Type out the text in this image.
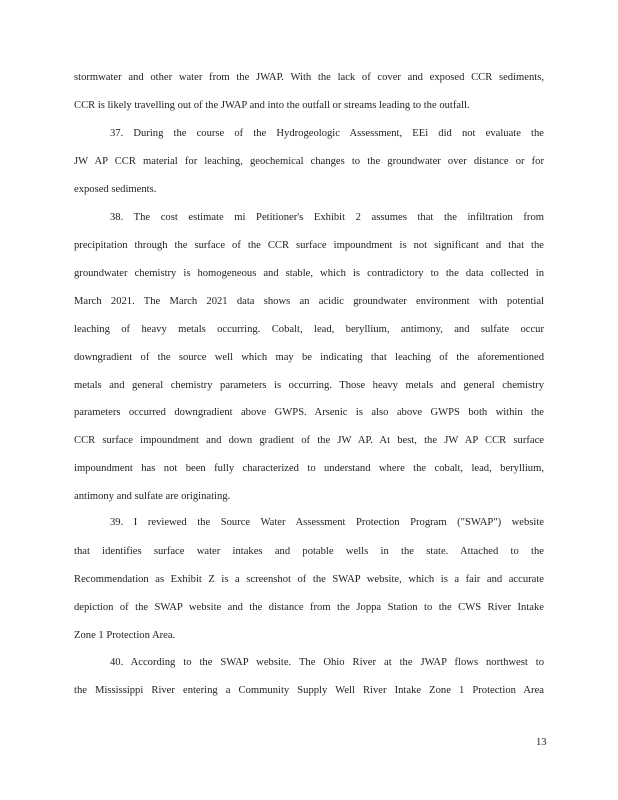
stormwater and other water from the JWAP. With the lack of cover and exposed CCR sediments,
CCR is likely travelling out of the JWAP and into the outfall or streams leading to the outfall.
37. During the course of the Hydrogeologic Assessment, EEi did not evaluate the
JW AP CCR material for leaching, geochemical changes to the groundwater over distance or for
exposed sediments.
38. The cost estimate mi Petitioner's Exhibit 2 assumes that the infiltration from
precipitation through the surface of the CCR surface impoundment is not significant and that the
groundwater chemistry is homogeneous and stable, which is contradictory to the data collected in
March 2021. The March 2021 data shows an acidic groundwater environment with potential
leaching of heavy metals occurring. Cobalt, lead, beryllium, antimony, and sulfate occur
downgradient of the source well which may be indicating that leaching of the aforementioned
metals and general chemistry parameters is occurring. Those heavy metals and general chemistry
parameters occurred downgradient above GWPS. Arsenic is also above GWPS both within the
CCR surface impoundment and down gradient of the JW AP. At best, the JW AP CCR surface
impoundment has not been fully characterized to understand where the cobalt, lead, beryllium,
antimony and sulfate are originating.
39. I reviewed the Source Water Assessment Protection Program ("SWAP") website
that identifies surface water intakes and potable wells in the state. Attached to the
Recommendation as Exhibit Z is a screenshot of the SWAP website, which is a fair and accurate
depiction of the SWAP website and the distance from the Joppa Station to the CWS River Intake
Zone 1 Protection Area.
40. According to the SWAP website. The Ohio River at the JWAP flows northwest to
the Mississippi River entering a Community Supply Well River Intake Zone 1 Protection Area
13
